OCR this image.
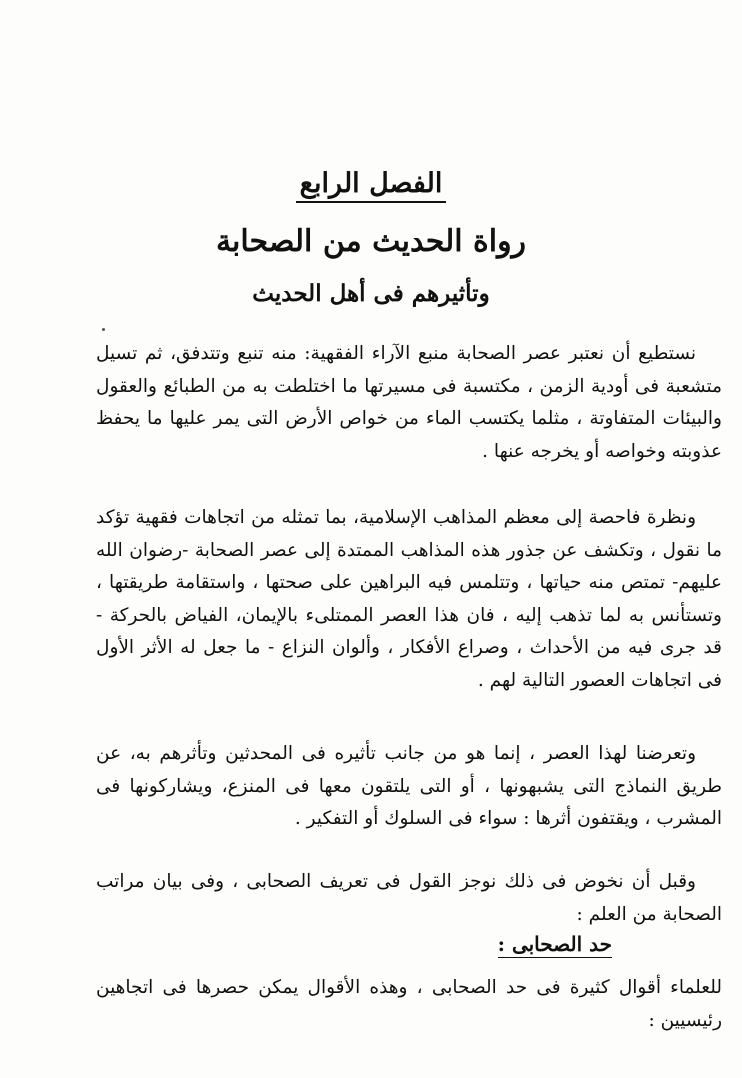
الفصل الرابع
رواة الحديث من الصحابة
وتأثيرهم فى أهل الحديث

نستطيع أن نعتبر عصر الصحابة منبع الآراء الفقهية: منه تنبع وتتدفق، ثم تسيل متشعبة فى أودية الزمن ، مكتسبة فى مسيرتها ما اختلطت به من الطبائع والعقول والبيئات المتفاوتة ، مثلما يكتسب الماء من خواص الأرض التى يمر عليها ما يحفظ عذوبته وخواصه أو يخرجه عنها .

ونظرة فاحصة إلى معظم المذاهب الإسلامية، بما تمثله من اتجاهات فقهية تؤكد ما نقول ، وتكشف عن جذور هذه المذاهب الممتدة إلى عصر الصحابة -رضوان الله عليهم- تمتص منه حياتها ، وتتلمس فيه البراهين على صحتها ، واستقامة طريقتها ، وتستأنس به لما تذهب إليه ، فان هذا العصر الممتلىء بالإيمان، الفياض بالحركة - قد جرى فيه من الأحداث ، وصراع الأفكار ، وألوان النزاع - ما جعل له الأثر الأول فى اتجاهات العصور التالية لهم .

وتعرضنا لهذا العصر ، إنما هو من جانب تأثيره فى المحدثين وتأثرهم به، عن طريق النماذج التى يشبهونها ، أو التى يلتقون معها فى المنزع، ويشاركونها فى المشرب ، ويقتفون أثرها : سواء فى السلوك أو التفكير .

وقبل أن نخوض فى ذلك نوجز القول فى تعريف الصحابى ، وفى بيان مراتب الصحابة من العلم :

حد الصحابى :

للعلماء أقوال كثيرة فى حد الصحابى ، وهذه الأقوال يمكن حصرها فى اتجاهين رئيسيين :
